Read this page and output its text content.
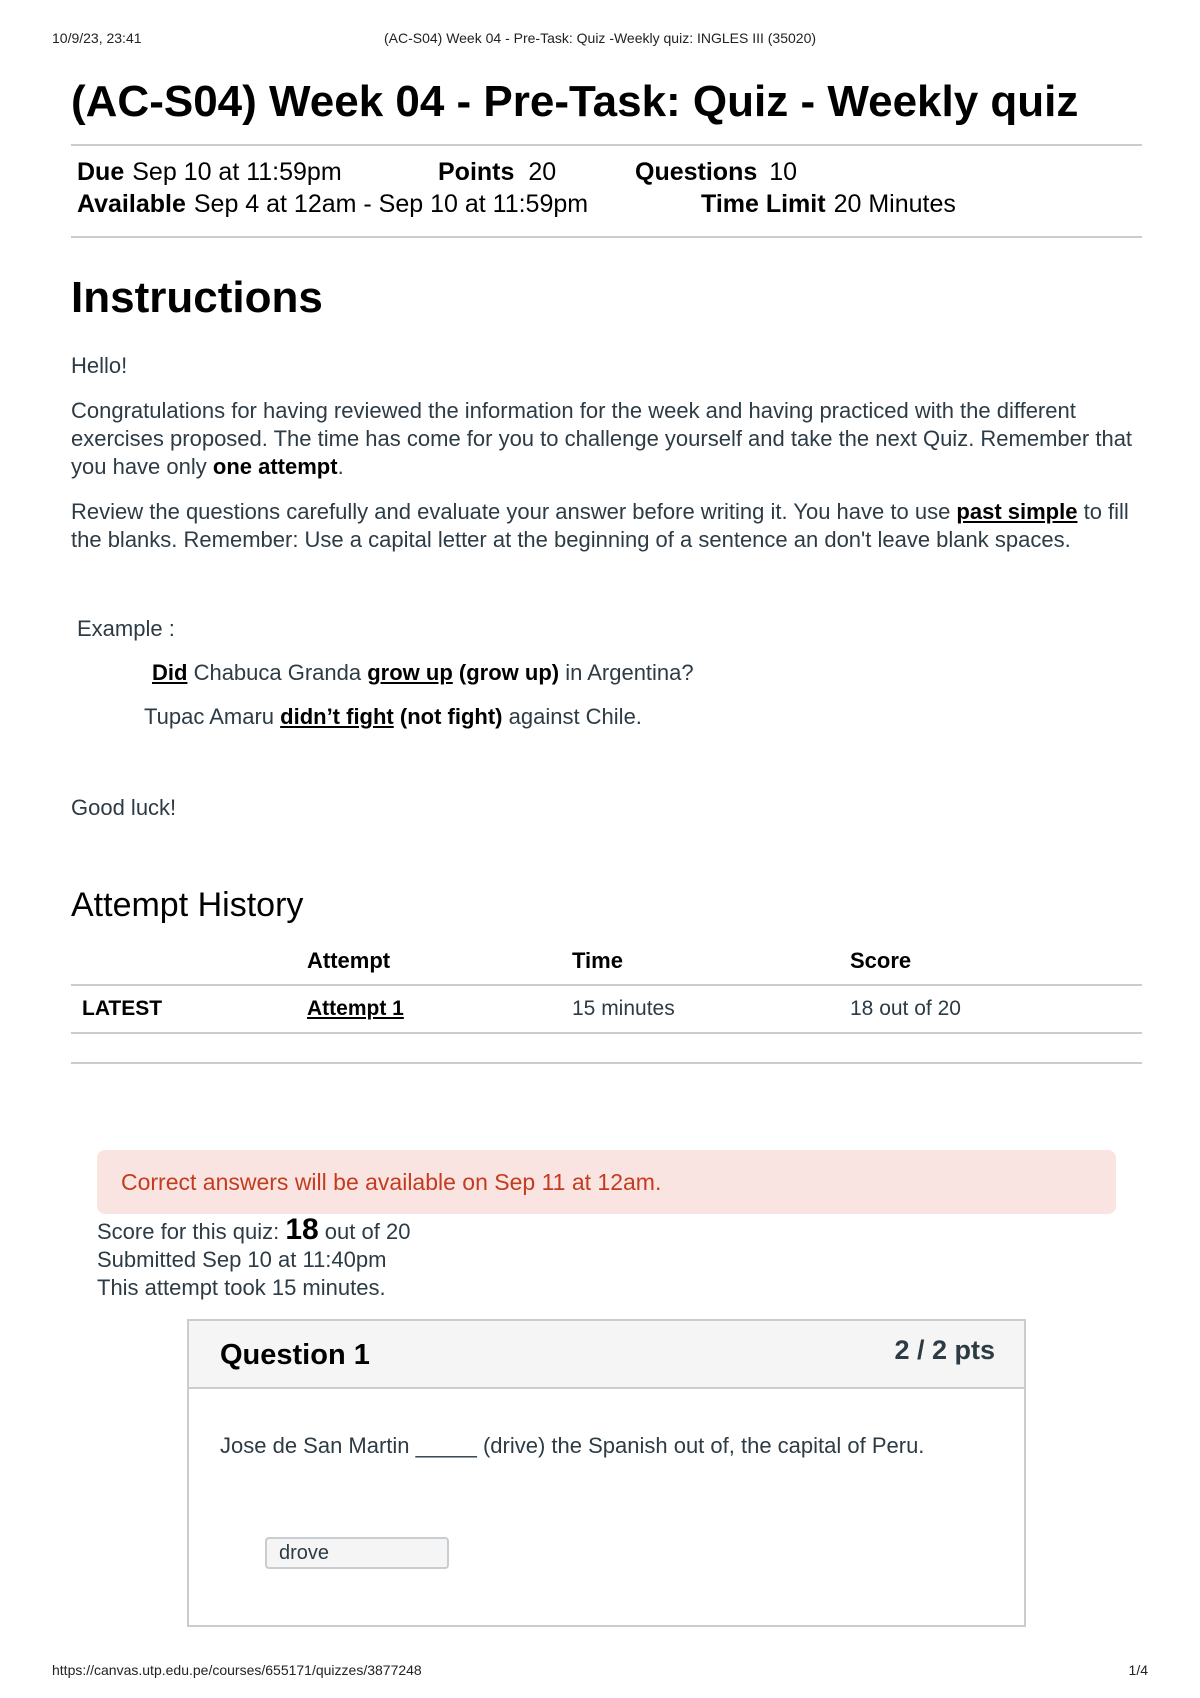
10/9/23, 23:41	(AC-S04) Week 04 - Pre-Task: Quiz -Weekly quiz: INGLES III (35020)
(AC-S04) Week 04 - Pre-Task: Quiz - Weekly quiz
Due Sep 10 at 11:59pm	Points 20	Questions 10
Available Sep 4 at 12am - Sep 10 at 11:59pm	Time Limit 20 Minutes
Instructions

Hello!

Congratulations for having reviewed the information for the week and having practiced with the different exercises proposed. The time has come for you to challenge yourself and take the next Quiz. Remember that you have only one attempt.

Review the questions carefully and evaluate your answer before writing it. You have to use past simple to fill the blanks. Remember: Use a capital letter at the beginning of a sentence an don't leave blank spaces.

Example :

Did Chabuca Granda grow up (grow up) in Argentina?

Tupac Amaru didn’t fight (not fight) against Chile.

Good luck!

Attempt History
	Attempt	Time	Score
LATEST	Attempt 1	15 minutes	18 out of 20
Correct answers will be available on Sep 11 at 12am.
Score for this quiz: 18 out of 20
Submitted Sep 10 at 11:40pm
This attempt took 15 minutes.
Question 1	2 / 2 pts
Jose de San Martin _____ (drive) the Spanish out of, the capital of Peru.
drove
https://canvas.utp.edu.pe/courses/655171/quizzes/3877248	1/4
